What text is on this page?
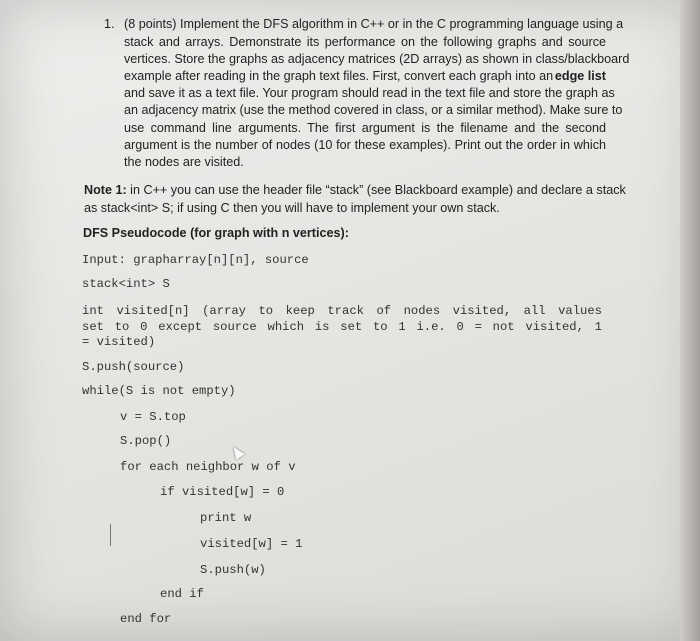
1. (8 points) Implement the DFS algorithm in C++ or in the C programming language using a
stack and arrays. Demonstrate its performance on the following graphs and source
vertices. Store the graphs as adjacency matrices (2D arrays) as shown in class/blackboard
example after reading in the graph text files. First, convert each graph into an edge list
and save it as a text file. Your program should read in the text file and store the graph as
an adjacency matrix (use the method covered in class, or a similar method). Make sure to
use command line arguments. The first argument is the filename and the second
argument is the number of nodes (10 for these examples). Print out the order in which
the nodes are visited.
Note 1: in C++ you can use the header file “stack” (see Blackboard example) and declare a stack
as stack<int> S; if using C then you will have to implement your own stack.
DFS Pseudocode (for graph with n vertices):
Input: grapharray[n][n], source
stack<int> S
int visited[n] (array to keep track of nodes visited, all values
set to 0 except source which is set to 1 i.e. 0 = not visited, 1
= visited)
S.push(source)
while(S is not empty)
v = S.top
S.pop()
for each neighbor w of v
if visited[w] = 0
print w
visited[w] = 1
S.push(w)
end if
end for
